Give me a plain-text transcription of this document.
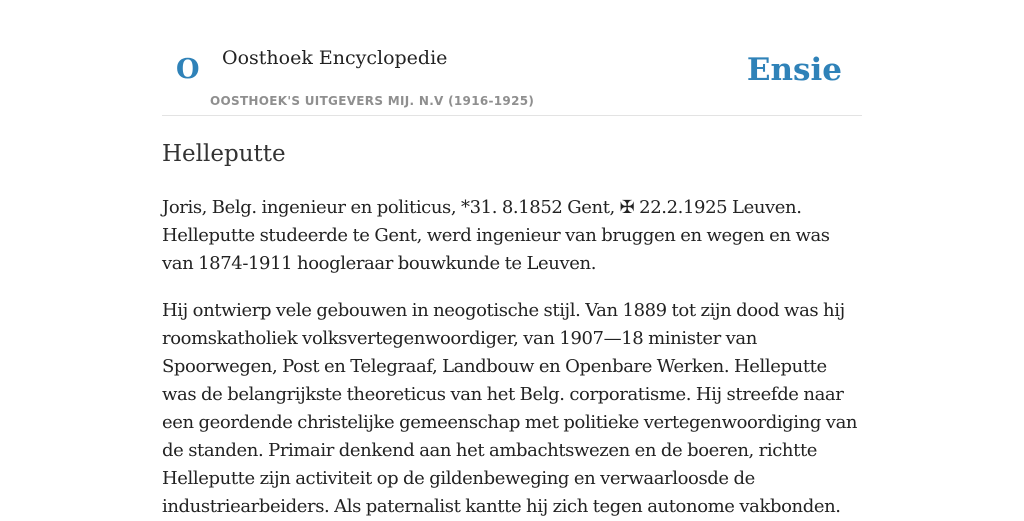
O Oosthoek Encyclopedie
OOSTHOEK'S UITGEVERS MIJ. N.V (1916-1925)
Ensie
Helleputte

Joris, Belg. ingenieur en politicus, *31. 8.1852 Gent, ✠ 22.2.1925 Leuven. Helleputte studeerde te Gent, werd ingenieur van bruggen en wegen en was van 1874-1911 hoogleraar bouwkunde te Leuven.

Hij ontwierp vele gebouwen in neogotische stijl. Van 1889 tot zijn dood was hij roomskatholiek volksvertegenwoordiger, van 1907—18 minister van Spoorwegen, Post en Telegraaf, Landbouw en Openbare Werken. Helleputte was de belangrijkste theoreticus van het Belg. corporatisme. Hij streefde naar een geordende christelijke gemeenschap met politieke vertegenwoordiging van de standen. Primair denkend aan het ambachtswezen en de boeren, richtte Helleputte zijn activiteit op de gildenbeweging en verwaarloosde de industriearbeiders. Als paternalist kantte hij zich tegen autonome vakbonden.
